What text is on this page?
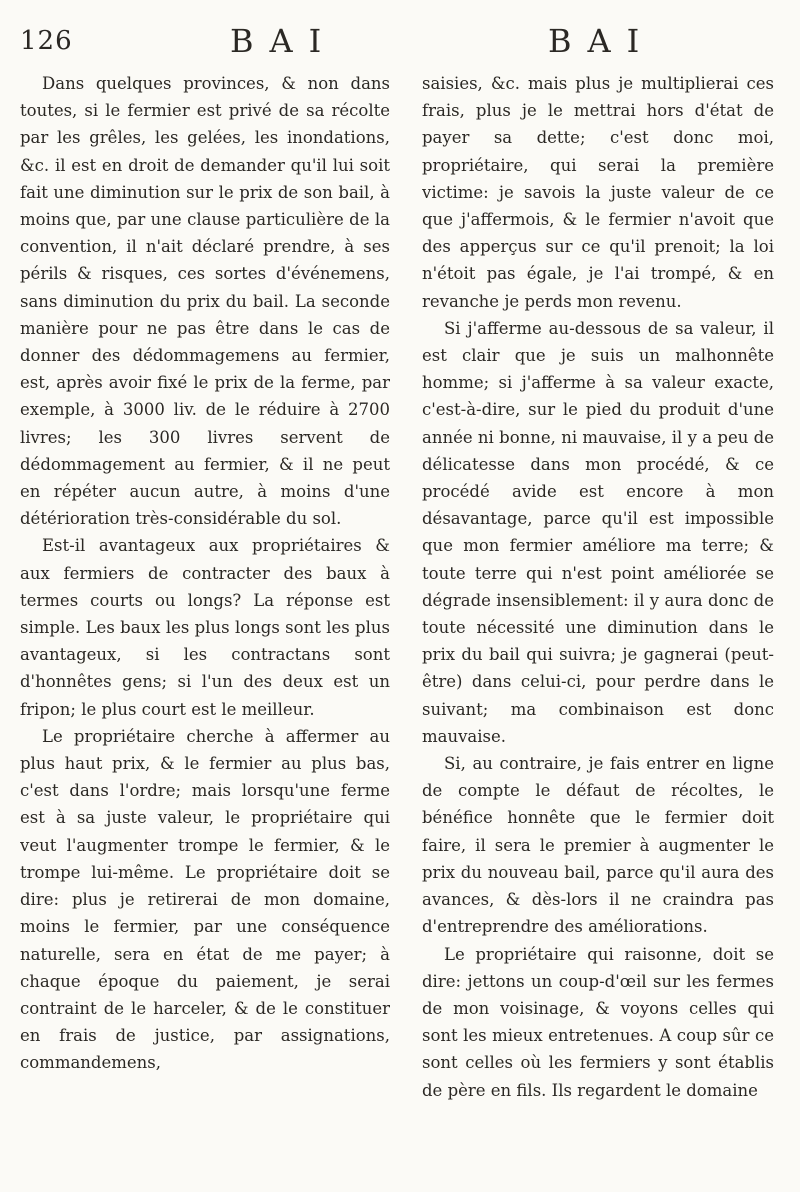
126	BAI	BAI

Dans quelques provinces, & non dans toutes, si le fermier est privé de sa récolte par les grêles, les gelées, les inondations, &c. il est en droit de demander qu'il lui soit fait une diminution sur le prix de son bail, à moins que, par une clause particulière de la convention, il n'ait déclaré prendre, à ses périls & risques, ces sortes d'événemens, sans diminution du prix du bail. La seconde manière pour ne pas être dans le cas de donner des dédommagemens au fermier, est, après avoir fixé le prix de la ferme, par exemple, à 3000 liv. de le réduire à 2700 livres; les 300 livres servent de dédommagement au fermier, & il ne peut en répéter aucun autre, à moins d'une détérioration très-considérable du sol.

Est-il avantageux aux propriétaires & aux fermiers de contracter des baux à termes courts ou longs? La réponse est simple. Les baux les plus longs sont les plus avantageux, si les contractans sont d'honnêtes gens; si l'un des deux est un fripon; le plus court est le meilleur.

Le propriétaire cherche à affermer au plus haut prix, & le fermier au plus bas, c'est dans l'ordre; mais lorsqu'une ferme est à sa juste valeur, le propriétaire qui veut l'augmenter trompe le fermier, & le trompe lui-même. Le propriétaire doit se dire: plus je retirerai de mon domaine, moins le fermier, par une conséquence naturelle, sera en état de me payer; à chaque époque du paiement, je serai contraint de le harceler, & de le constituer en frais de justice, par assignations, commandemens,

saisies, &c. mais plus je multiplierai ces frais, plus je le mettrai hors d'état de payer sa dette; c'est donc moi, propriétaire, qui serai la première victime: je savois la juste valeur de ce que j'affermois, & le fermier n'avoit que des apperçus sur ce qu'il prenoit; la loi n'étoit pas égale, je l'ai trompé, & en revanche je perds mon revenu.

Si j'afferme au-dessous de sa valeur, il est clair que je suis un malhonnête homme; si j'afferme à sa valeur exacte, c'est-à-dire, sur le pied du produit d'une année ni bonne, ni mauvaise, il y a peu de délicatesse dans mon procédé, & ce procédé avide est encore à mon désavantage, parce qu'il est impossible que mon fermier améliore ma terre; & toute terre qui n'est point améliorée se dégrade insensiblement: il y aura donc de toute nécessité une diminution dans le prix du bail qui suivra; je gagnerai (peut-être) dans celui-ci, pour perdre dans le suivant; ma combinaison est donc mauvaise.

Si, au contraire, je fais entrer en ligne de compte le défaut de récoltes, le bénéfice honnête que le fermier doit faire, il sera le premier à augmenter le prix du nouveau bail, parce qu'il aura des avances, & dès-lors il ne craindra pas d'entreprendre des améliorations.

Le propriétaire qui raisonne, doit se dire: jettons un coup-d'œil sur les fermes de mon voisinage, & voyons celles qui sont les mieux entretenues. A coup sûr ce sont celles où les fermiers y sont établis de père en fils. Ils regardent le domaine
